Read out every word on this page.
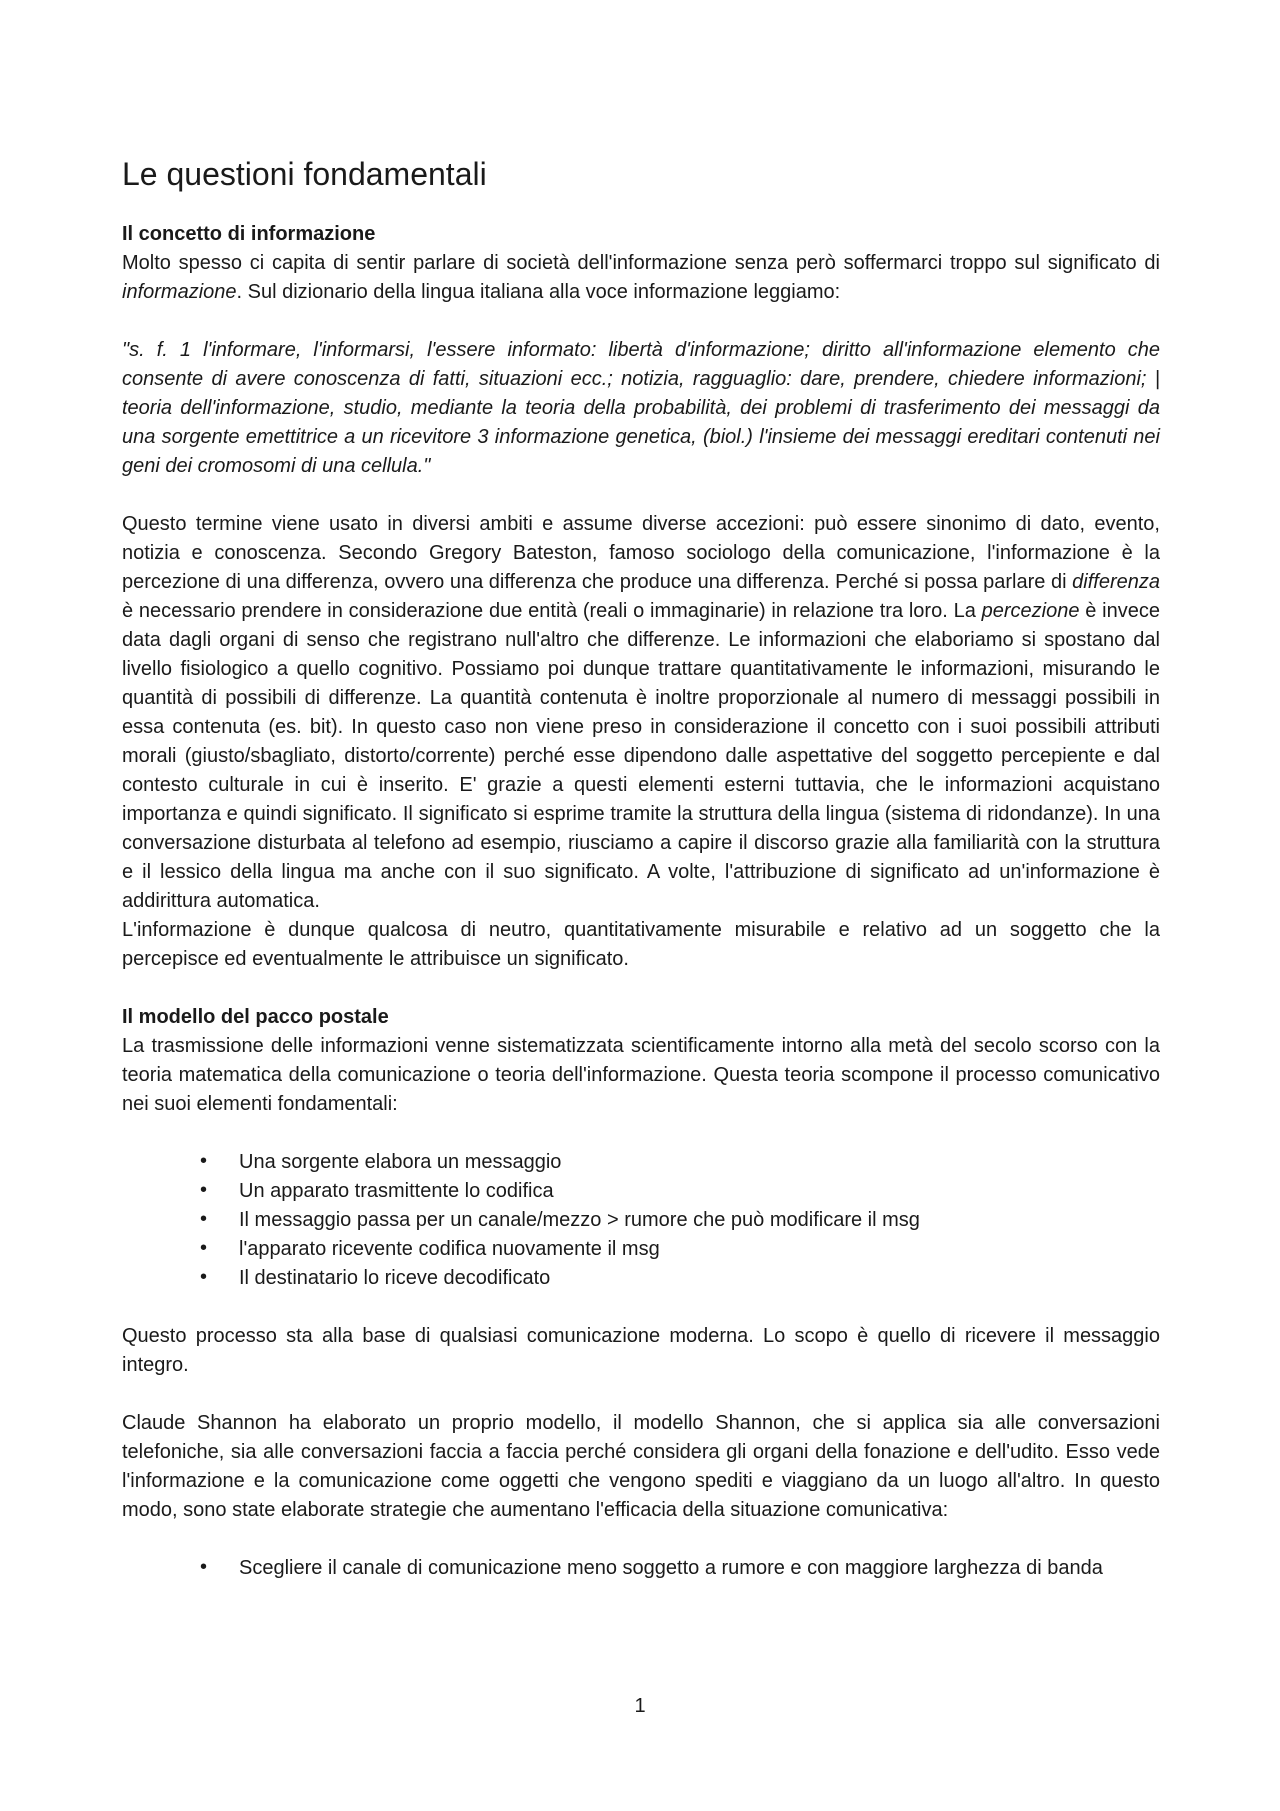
Le questioni fondamentali

Il concetto di informazione

Molto spesso ci capita di sentir parlare di società dell'informazione senza però soffermarci troppo sul significato di informazione. Sul dizionario della lingua italiana alla voce informazione leggiamo:

"s. f. 1 l'informare, l'informarsi, l'essere informato: libertà d'informazione; diritto all'informazione elemento che consente di avere conoscenza di fatti, situazioni ecc.; notizia, ragguaglio: dare, prendere, chiedere informazioni; | teoria dell'informazione, studio, mediante la teoria della probabilità, dei problemi di trasferimento dei messaggi da una sorgente emettitrice a un ricevitore 3 informazione genetica, (biol.) l'insieme dei messaggi ereditari contenuti nei geni dei cromosomi di una cellula."

Questo termine viene usato in diversi ambiti e assume diverse accezioni: può essere sinonimo di dato, evento, notizia e conoscenza. Secondo Gregory Bateston, famoso sociologo della comunicazione, l'informazione è la percezione di una differenza, ovvero una differenza che produce una differenza. Perché si possa parlare di differenza è necessario prendere in considerazione due entità (reali o immaginarie) in relazione tra loro. La percezione è invece data dagli organi di senso che registrano null'altro che differenze. Le informazioni che elaboriamo si spostano dal livello fisiologico a quello cognitivo. Possiamo poi dunque trattare quantitativamente le informazioni, misurando le quantità di possibili di differenze. La quantità contenuta è inoltre proporzionale al numero di messaggi possibili in essa contenuta (es. bit). In questo caso non viene preso in considerazione il concetto con i suoi possibili attributi morali (giusto/sbagliato, distorto/corrente) perché esse dipendono dalle aspettative del soggetto percepiente e dal contesto culturale in cui è inserito. E' grazie a questi elementi esterni tuttavia, che le informazioni acquistano importanza e quindi significato. Il significato si esprime tramite la struttura della lingua (sistema di ridondanze). In una conversazione disturbata al telefono ad esempio, riusciamo a capire il discorso grazie alla familiarità con la struttura e il lessico della lingua ma anche con il suo significato. A volte, l'attribuzione di significato ad un'informazione è addirittura automatica.

L'informazione è dunque qualcosa di neutro, quantitativamente misurabile e relativo ad un soggetto che la percepisce ed eventualmente le attribuisce un significato.

Il modello del pacco postale

La trasmissione delle informazioni venne sistematizzata scientificamente intorno alla metà del secolo scorso con la teoria matematica della comunicazione o teoria dell'informazione. Questa teoria scompone il processo comunicativo nei suoi elementi fondamentali:

• Una sorgente elabora un messaggio
• Un apparato trasmittente lo codifica
• Il messaggio passa per un canale/mezzo > rumore che può modificare il msg
• l'apparato ricevente codifica nuovamente il msg
• Il destinatario lo riceve decodificato

Questo processo sta alla base di qualsiasi comunicazione moderna. Lo scopo è quello di ricevere il messaggio integro.

Claude Shannon ha elaborato un proprio modello, il modello Shannon, che si applica sia alle conversazioni telefoniche, sia alle conversazioni faccia a faccia perché considera gli organi della fonazione e dell'udito. Esso vede l'informazione e la comunicazione come oggetti che vengono spediti e viaggiano da un luogo all'altro. In questo modo, sono state elaborate strategie che aumentano l'efficacia della situazione comunicativa:

• Scegliere il canale di comunicazione meno soggetto a rumore e con maggiore larghezza di banda
1
